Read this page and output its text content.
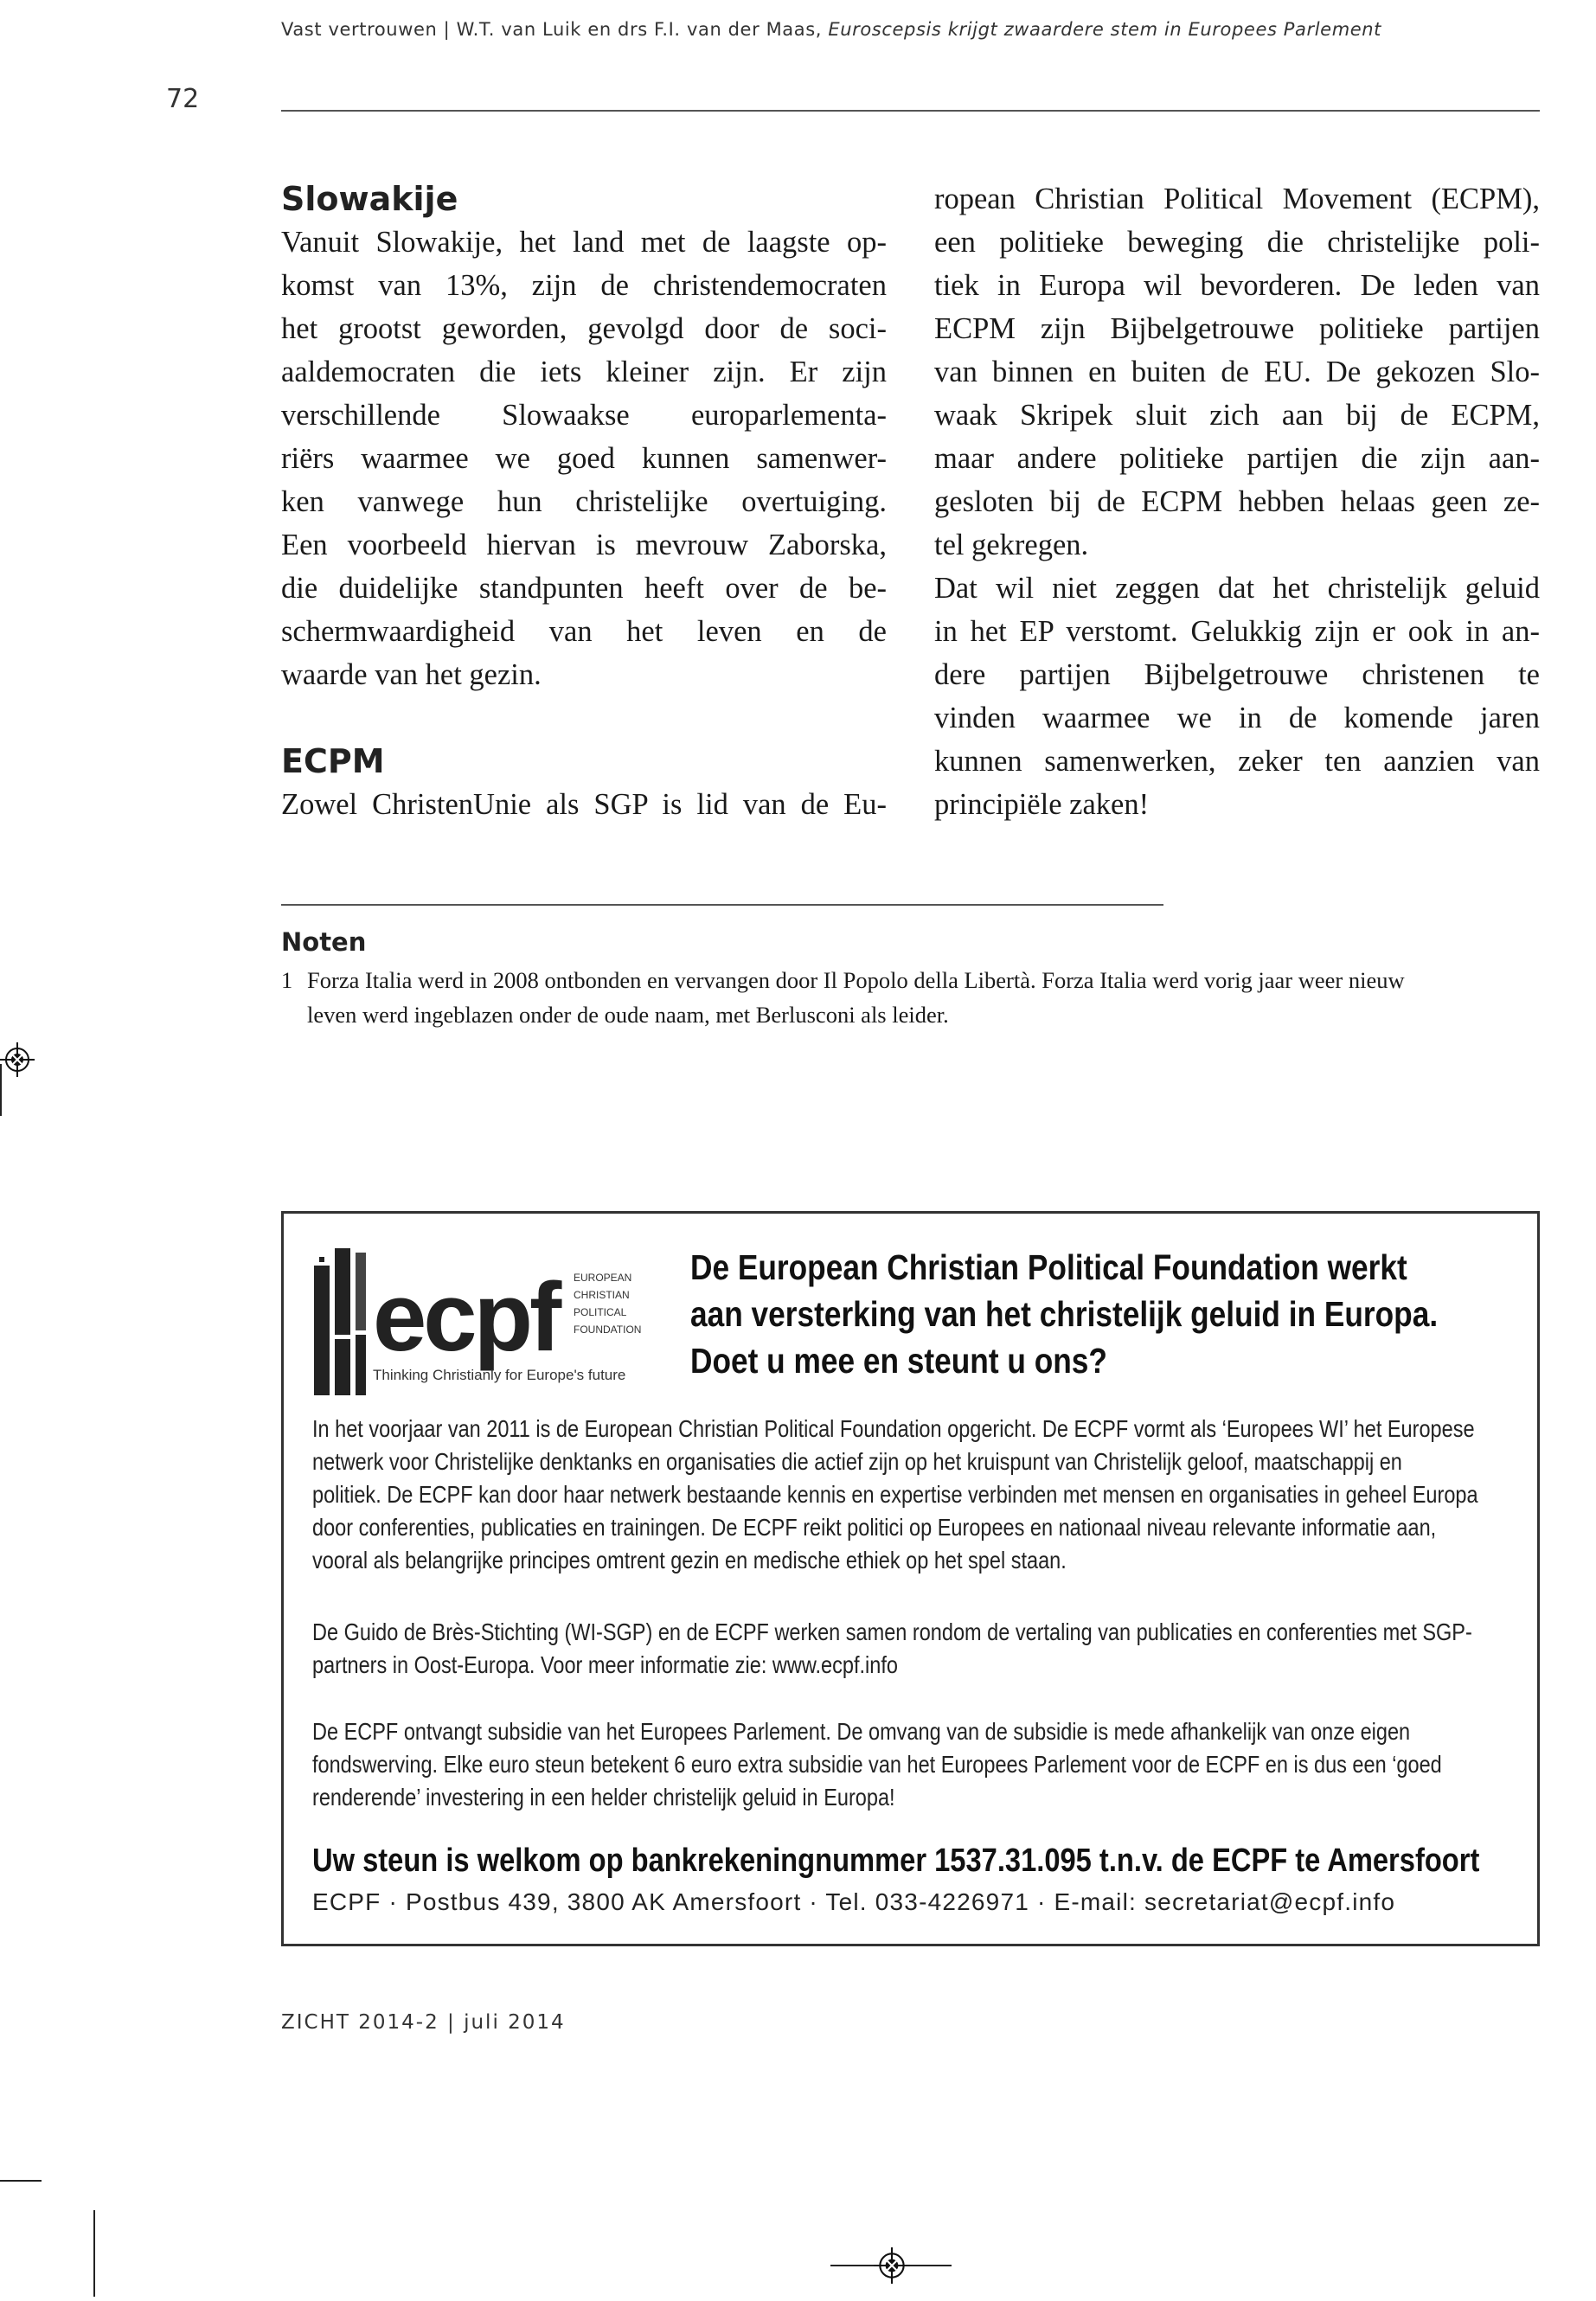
Vast vertrouwen | W.T. van Luik en drs F.I. van der Maas, Euroscepsis krijgt zwaardere stem in Europees Parlement
72
Slowakije
Vanuit Slowakije, het land met de laagste op-
komst van 13%, zijn de christendemocraten
het grootst geworden, gevolgd door de soci-
aaldemocraten die iets kleiner zijn. Er zijn
verschillende Slowaakse europarlementa-
riërs waarmee we goed kunnen samenwer-
ken vanwege hun christelijke overtuiging.
Een voorbeeld hiervan is mevrouw Zaborska,
die duidelijke standpunten heeft over de be-
schermwaardigheid van het leven en de
waarde van het gezin.
ECPM
Zowel ChristenUnie als SGP is lid van de Eu-
ropean Christian Political Movement (ECPM),
een politieke beweging die christelijke poli-
tiek in Europa wil bevorderen. De leden van
ECPM zijn Bijbelgetrouwe politieke partijen
van binnen en buiten de EU. De gekozen Slo-
waak Skripek sluit zich aan bij de ECPM,
maar andere politieke partijen die zijn aan-
gesloten bij de ECPM hebben helaas geen ze-
tel gekregen.
Dat wil niet zeggen dat het christelijk geluid
in het EP verstomt. Gelukkig zijn er ook in an-
dere partijen Bijbelgetrouwe christenen te
vinden waarmee we in de komende jaren
kunnen samenwerken, zeker ten aanzien van
principiële zaken!
Noten
1 Forza Italia werd in 2008 ontbonden en vervangen door Il Popolo della Libertà. Forza Italia werd vorig jaar weer nieuw
leven werd ingeblazen onder de oude naam, met Berlusconi als leider.
ecpf	EUROPEAN
CHRISTIAN
POLITICAL
FOUNDATION
Thinking Christianly for Europe's future
De European Christian Political Foundation werkt
aan versterking van het christelijk geluid in Europa.
Doet u mee en steunt u ons?
In het voorjaar van 2011 is de European Christian Political Foundation opgericht. De ECPF vormt als ‘Europees WI’ het Europese
netwerk voor Christelijke denktanks en organisaties die actief zijn op het kruispunt van Christelijk geloof, maatschappij en
politiek. De ECPF kan door haar netwerk bestaande kennis en expertise verbinden met mensen en organisaties in geheel Europa
door conferenties, publicaties en trainingen. De ECPF reikt politici op Europees en nationaal niveau relevante informatie aan,
vooral als belangrijke principes omtrent gezin en medische ethiek op het spel staan.
De Guido de Brès-Stichting (WI-SGP) en de ECPF werken samen rondom de vertaling van publicaties en conferenties met SGP-
partners in Oost-Europa. Voor meer informatie zie: www.ecpf.info
De ECPF ontvangt subsidie van het Europees Parlement. De omvang van de subsidie is mede afhankelijk van onze eigen
fondswerving. Elke euro steun betekent 6 euro extra subsidie van het Europees Parlement voor de ECPF en is dus een ‘goed
renderende’ investering in een helder christelijk geluid in Europa!
Uw steun is welkom op bankrekeningnummer 1537.31.095 t.n.v. de ECPF te Amersfoort
ECPF · Postbus 439, 3800 AK Amersfoort · Tel. 033-4226971 · E-mail: secretariat@ecpf.info
ZICHT 2014-2 | juli 2014
